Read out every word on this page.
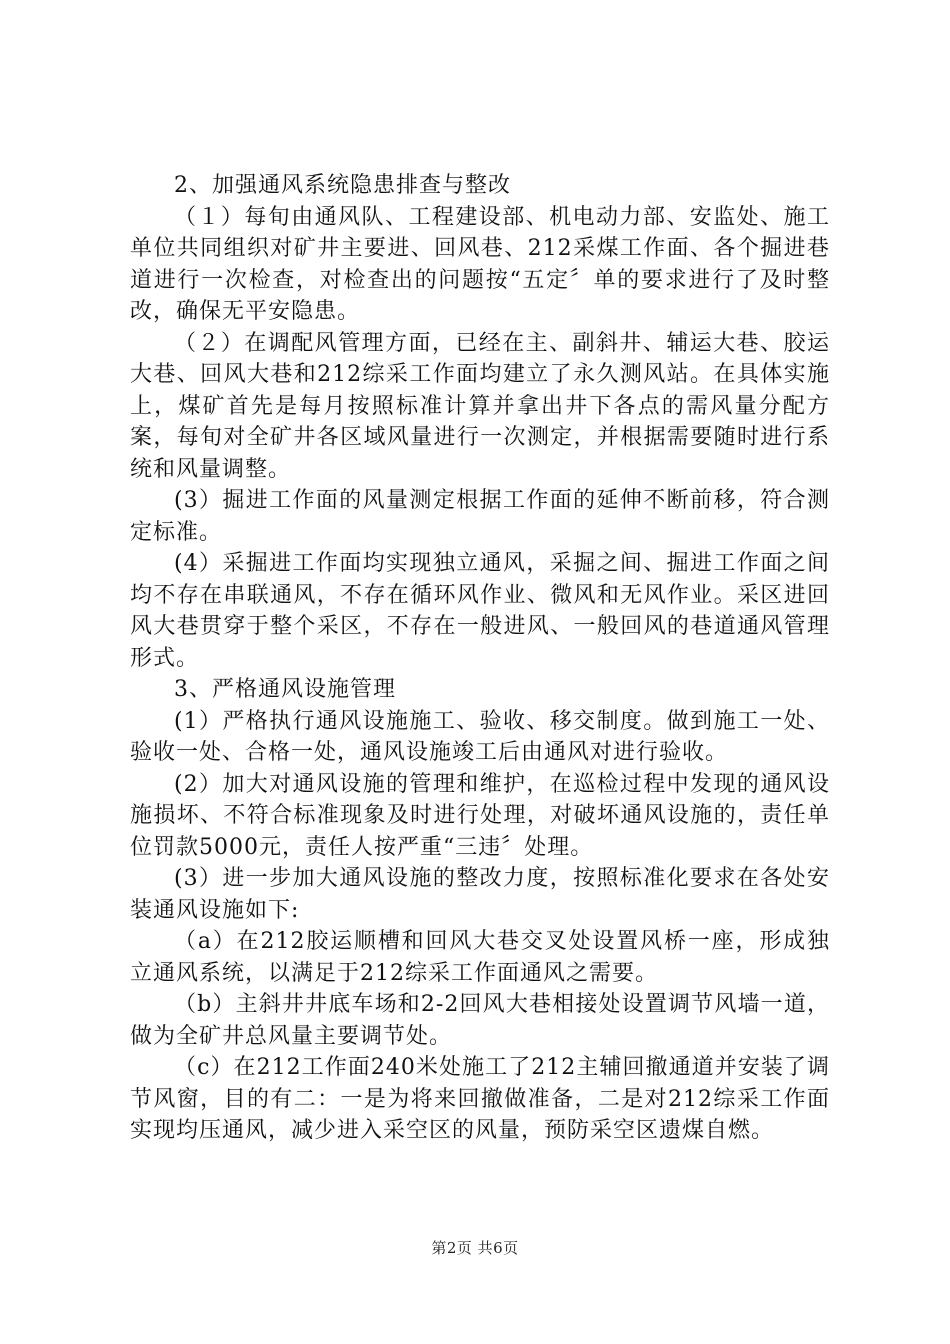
2、加强通风系统隐患排查与整改

（１）每旬由通风队、工程建设部、机电动力部、安监处、施工单位共同组织对矿井主要进、回风巷、212采煤工作面、各个掘进巷道进行一次检查，对检查出的问题按“五定〞单的要求进行了及时整改，确保无平安隐患。

（２）在调配风管理方面，已经在主、副斜井、辅运大巷、胶运大巷、回风大巷和212综采工作面均建立了永久测风站。在具体实施上，煤矿首先是每月按照标准计算并拿出井下各点的需风量分配方案，每旬对全矿井各区域风量进行一次测定，并根据需要随时进行系统和风量调整。

(3）掘进工作面的风量测定根据工作面的延伸不断前移，符合测定标准。

(4）采掘进工作面均实现独立通风，采掘之间、掘进工作面之间均不存在串联通风，不存在循环风作业、微风和无风作业。采区进回风大巷贯穿于整个采区，不存在一般进风、一般回风的巷道通风管理形式。

3、严格通风设施管理

(1）严格执行通风设施施工、验收、移交制度。做到施工一处、验收一处、合格一处，通风设施竣工后由通风对进行验收。

(2）加大对通风设施的管理和维护，在巡检过程中发现的通风设施损坏、不符合标准现象及时进行处理，对破坏通风设施的，责任单位罚款5000元，责任人按严重“三违〞处理。

(3）进一步加大通风设施的整改力度，按照标准化要求在各处安装通风设施如下:

（a）在212胶运顺槽和回风大巷交叉处设置风桥一座，形成独立通风系统，以满足于212综采工作面通风之需要。

（b）主斜井井底车场和2-2回风大巷相接处设置调节风墙一道，做为全矿井总风量主要调节处。

（c）在212工作面240米处施工了212主辅回撤通道并安装了调节风窗，目的有二：一是为将来回撤做准备，二是对212综采工作面实现均压通风，减少进入采空区的风量，预防采空区遗煤自燃。

第2页 共6页
